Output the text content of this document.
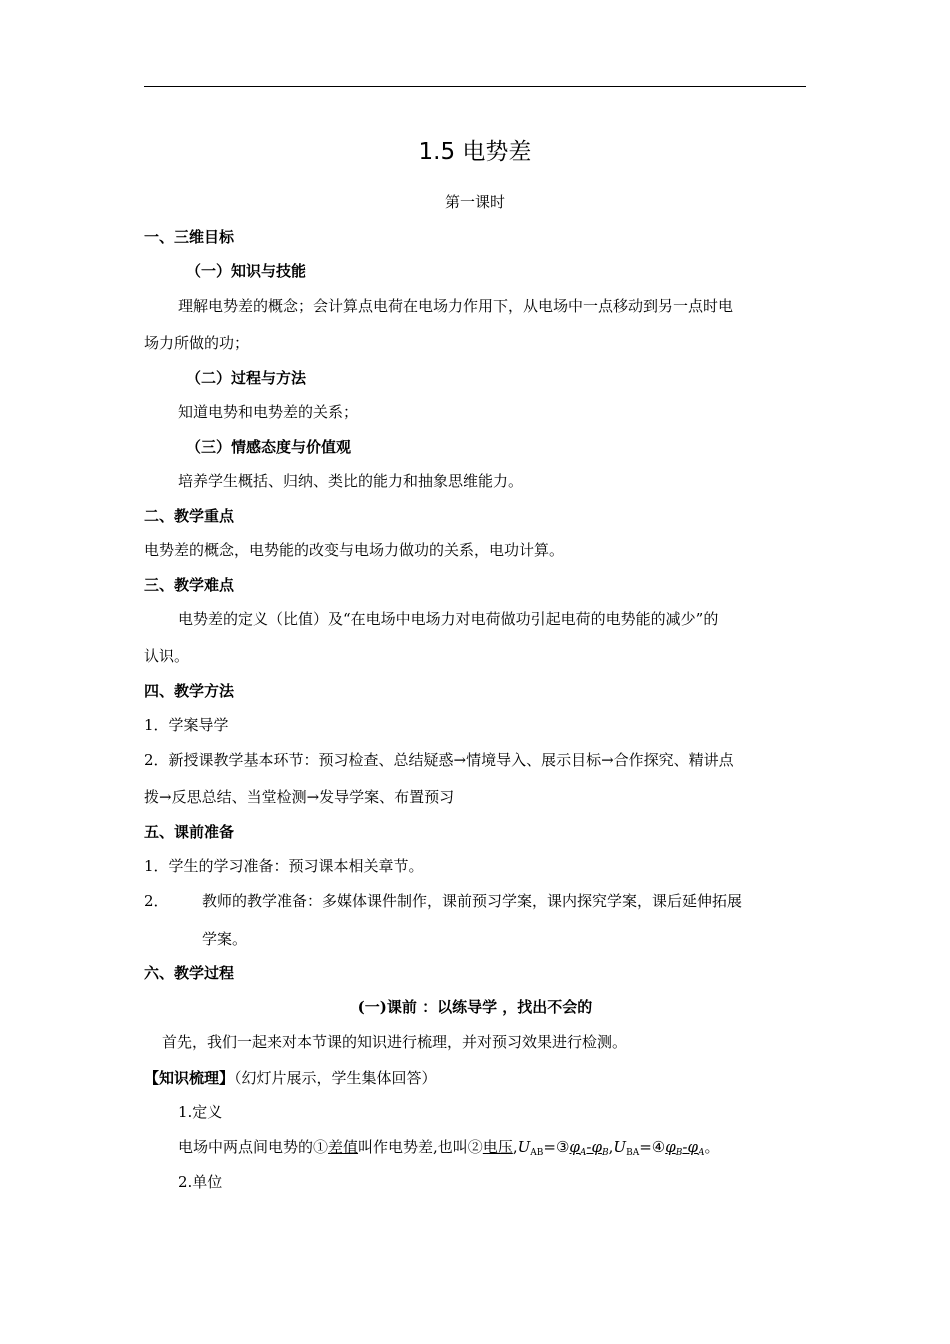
1.5 电势差
第一课时
一、三维目标
（一）知识与技能
理解电势差的概念；会计算点电荷在电场力作用下，从电场中一点移动到另一点时电
场力所做的功；
（二）过程与方法
知道电势和电势差的关系；
（三）情感态度与价值观
培养学生概括、归纳、类比的能力和抽象思维能力。
二、教学重点
电势差的概念，电势能的改变与电场力做功的关系，电功计算。
三、教学难点
电势差的定义（比值）及“在电场中电场力对电荷做功引起电荷的电势能的减少”的
认识。
四、教学方法
1．学案导学
2．新授课教学基本环节：预习检查、总结疑惑→情境导入、展示目标→合作探究、精讲点
拨→反思总结、当堂检测→发导学案、布置预习
五、课前准备
1．学生的学习准备：预习课本相关章节。
2． 教师的教学准备：多媒体课件制作，课前预习学案，课内探究学案，课后延伸拓展
学案。
六、教学过程
(一)课前 ：以练导学 ，找出不会的
首先，我们一起来对本节课的知识进行梳理，并对预习效果进行检测。
【知识梳理】（幻灯片展示，学生集体回答）
1.定义
电场中两点间电势的①差值叫作电势差,也叫②电压$,U_{AB}=③\varphi_A-\varphi_B,U_{BA}=④\varphi_B-\varphi_A$。
2.单位
